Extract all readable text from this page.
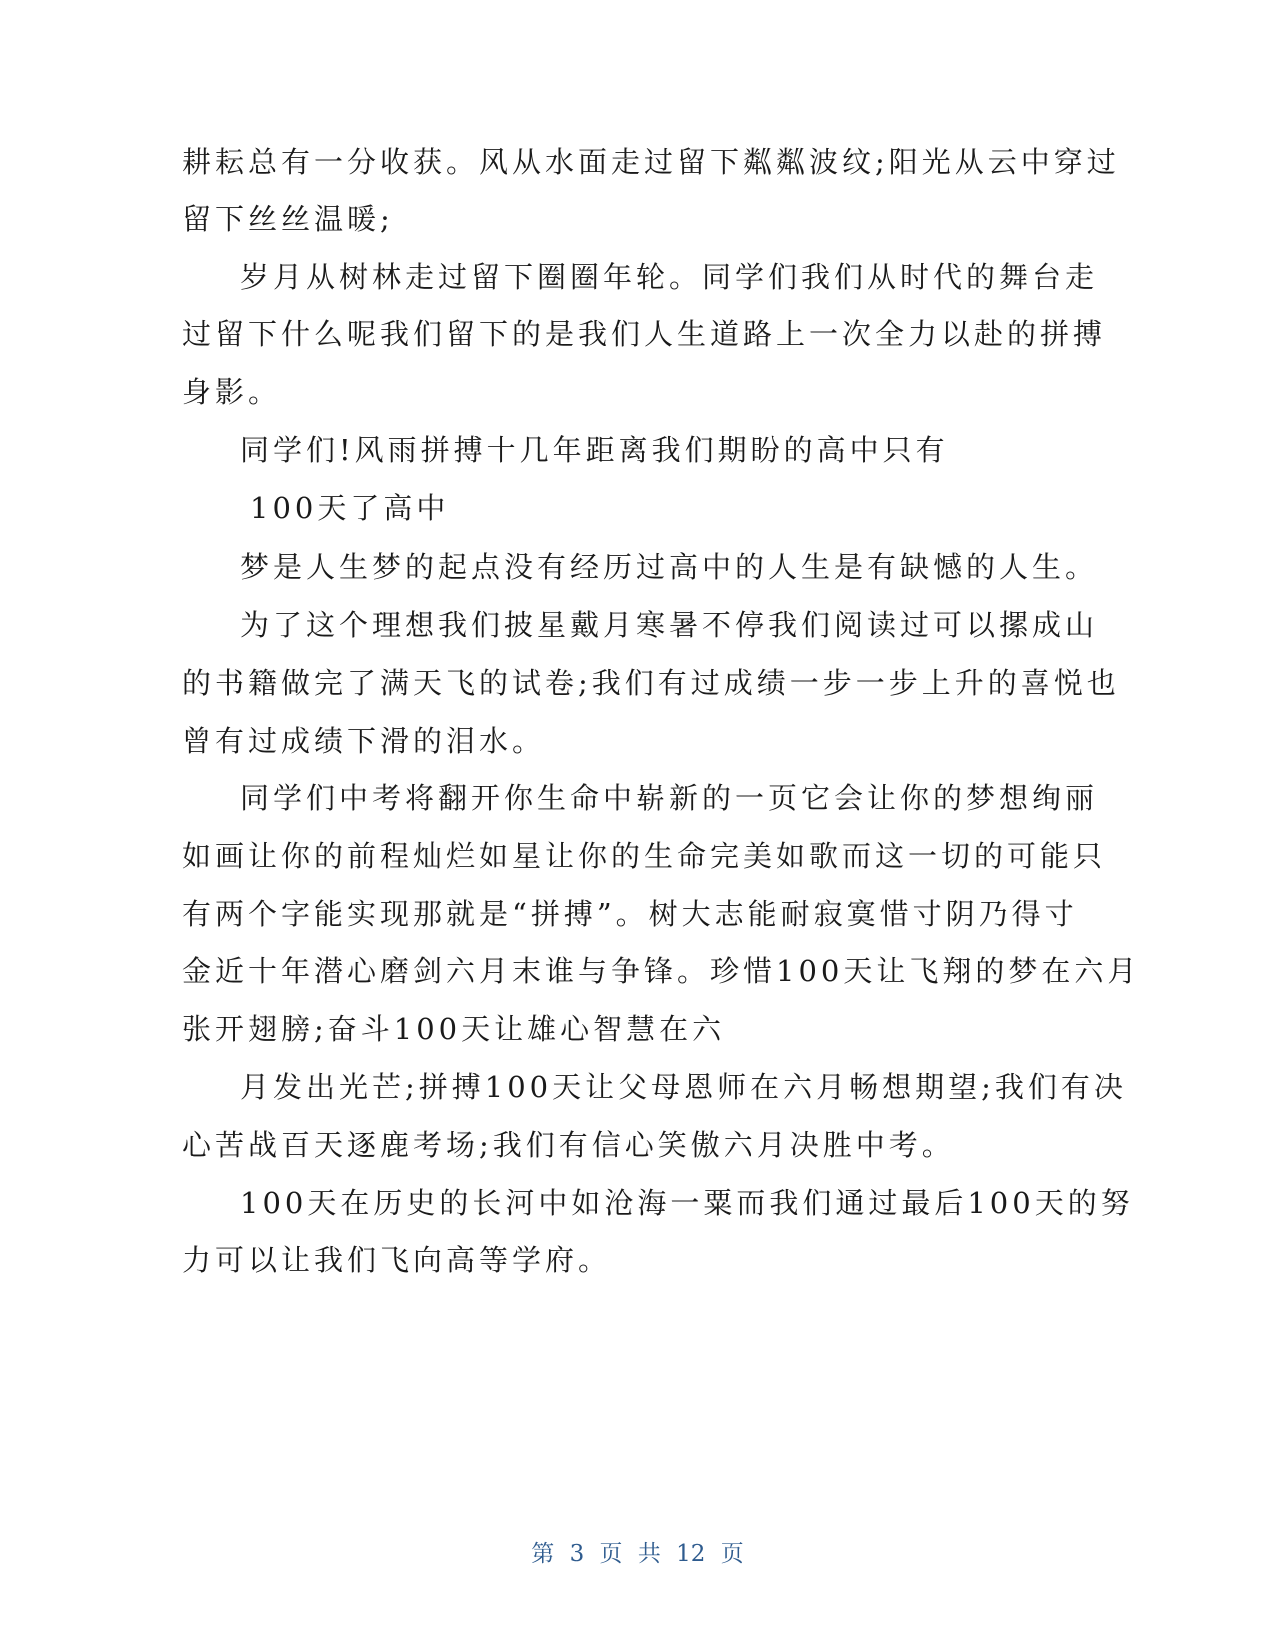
耕耘总有一分收获。风从水面走过留下粼粼波纹;阳光从云中穿过
留下丝丝温暖;
岁月从树林走过留下圈圈年轮。同学们我们从时代的舞台走
过留下什么呢我们留下的是我们人生道路上一次全力以赴的拼搏
身影。
同学们!风雨拼搏十几年距离我们期盼的高中只有
100天了高中
梦是人生梦的起点没有经历过高中的人生是有缺憾的人生。
为了这个理想我们披星戴月寒暑不停我们阅读过可以摞成山
的书籍做完了满天飞的试卷;我们有过成绩一步一步上升的喜悦也
曾有过成绩下滑的泪水。
同学们中考将翻开你生命中崭新的一页它会让你的梦想绚丽
如画让你的前程灿烂如星让你的生命完美如歌而这一切的可能只
有两个字能实现那就是“拼搏”。树大志能耐寂寞惜寸阴乃得寸
金近十年潜心磨剑六月末谁与争锋。珍惜100天让飞翔的梦在六月
张开翅膀;奋斗100天让雄心智慧在六
月发出光芒;拼搏100天让父母恩师在六月畅想期望;我们有决
心苦战百天逐鹿考场;我们有信心笑傲六月决胜中考。
100天在历史的长河中如沧海一粟而我们通过最后100天的努
力可以让我们飞向高等学府。
第 3 页 共 12 页
